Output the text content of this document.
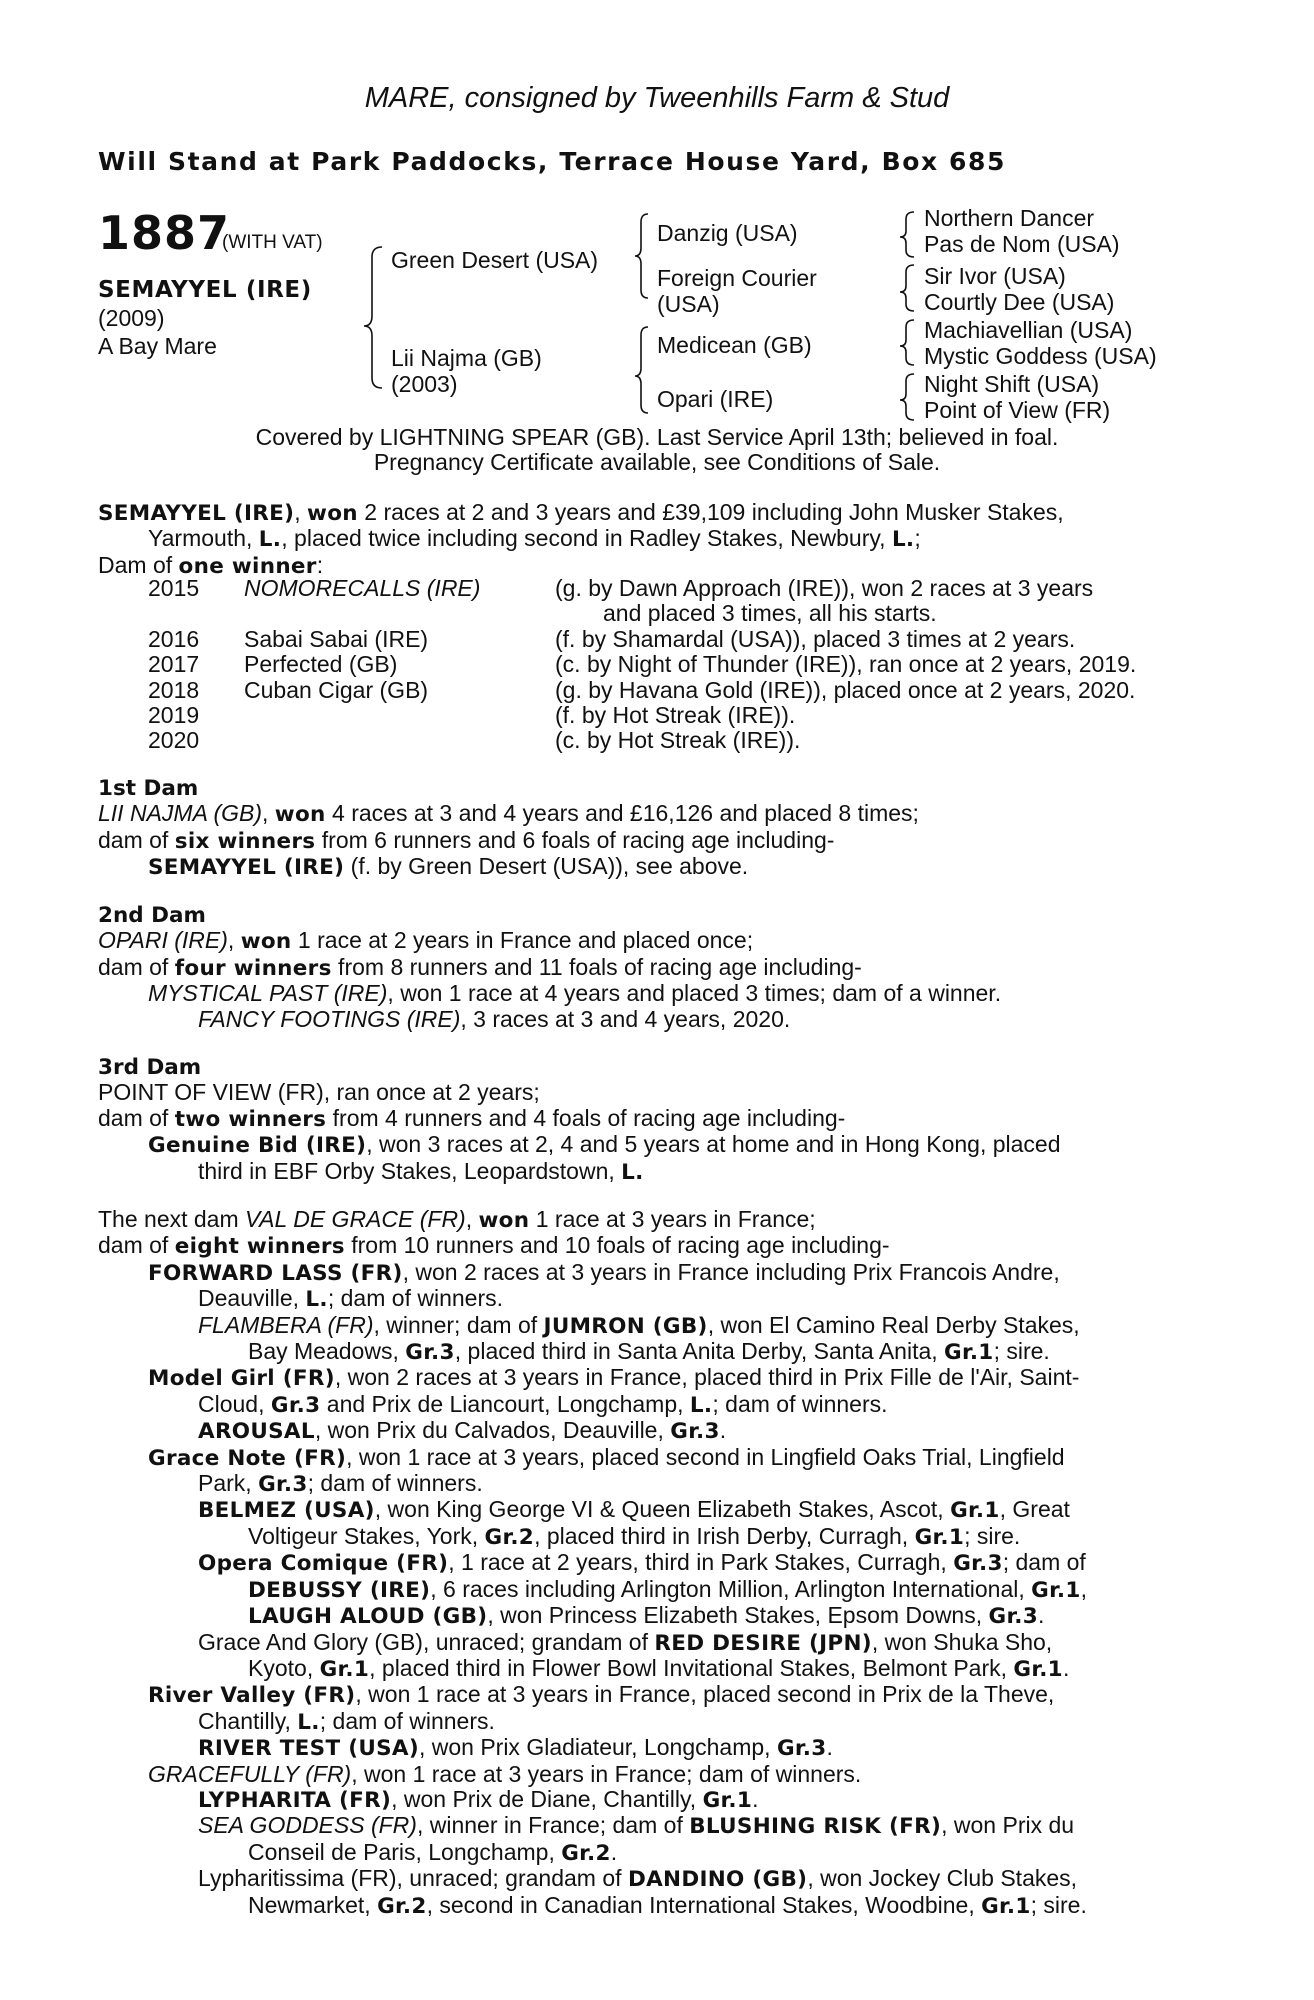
MARE, consigned by Tweenhills Farm & Stud
Will Stand at Park Paddocks, Terrace House Yard, Box 685
1887
(WITH VAT)
SEMAYYEL (IRE)
(2009)
A Bay Mare
Green Desert (USA)
Lii Najma (GB)
(2003)
Danzig (USA)
Foreign Courier
(USA)
Medicean (GB)
Opari (IRE)
Northern Dancer
Pas de Nom (USA)
Sir Ivor (USA)
Courtly Dee (USA)
Machiavellian (USA)
Mystic Goddess (USA)
Night Shift (USA)
Point of View (FR)
Covered by LIGHTNING SPEAR (GB). Last Service April 13th; believed in foal.
Pregnancy Certificate available, see Conditions of Sale.
SEMAYYEL (IRE), won 2 races at 2 and 3 years and £39,109 including John Musker Stakes,
Yarmouth, L., placed twice including second in Radley Stakes, Newbury, L.;
Dam of one winner:
2015	NOMORECALLS (IRE)	(g. by Dawn Approach (IRE)), won 2 races at 3 years
and placed 3 times, all his starts.

2016	Sabai Sabai (IRE)	(f. by Shamardal (USA)), placed 3 times at 2 years.

2017	Perfected (GB)	(c. by Night of Thunder (IRE)), ran once at 2 years, 2019.

2018	Cuban Cigar (GB)	(g. by Havana Gold (IRE)), placed once at 2 years, 2020.

2019		(f. by Hot Streak (IRE)).

2020		(c. by Hot Streak (IRE)).
1st Dam
LII NAJMA (GB), won 4 races at 3 and 4 years and £16,126 and placed 8 times;
dam of six winners from 6 runners and 6 foals of racing age including-
SEMAYYEL (IRE) (f. by Green Desert (USA)), see above.
2nd Dam
OPARI (IRE), won 1 race at 2 years in France and placed once;
dam of four winners from 8 runners and 11 foals of racing age including-
MYSTICAL PAST (IRE), won 1 race at 4 years and placed 3 times; dam of a winner.
FANCY FOOTINGS (IRE), 3 races at 3 and 4 years, 2020.
3rd Dam
POINT OF VIEW (FR), ran once at 2 years;
dam of two winners from 4 runners and 4 foals of racing age including-
Genuine Bid (IRE), won 3 races at 2, 4 and 5 years at home and in Hong Kong, placed
third in EBF Orby Stakes, Leopardstown, L.
The next dam VAL DE GRACE (FR), won 1 race at 3 years in France;
dam of eight winners from 10 runners and 10 foals of racing age including-
FORWARD LASS (FR), won 2 races at 3 years in France including Prix Francois Andre,
Deauville, L.; dam of winners.
FLAMBERA (FR), winner; dam of JUMRON (GB), won El Camino Real Derby Stakes,
Bay Meadows, Gr.3, placed third in Santa Anita Derby, Santa Anita, Gr.1; sire.
Model Girl (FR), won 2 races at 3 years in France, placed third in Prix Fille de l'Air, Saint-
Cloud, Gr.3 and Prix de Liancourt, Longchamp, L.; dam of winners.
AROUSAL, won Prix du Calvados, Deauville, Gr.3.
Grace Note (FR), won 1 race at 3 years, placed second in Lingfield Oaks Trial, Lingfield
Park, Gr.3; dam of winners.
BELMEZ (USA), won King George VI & Queen Elizabeth Stakes, Ascot, Gr.1, Great
Voltigeur Stakes, York, Gr.2, placed third in Irish Derby, Curragh, Gr.1; sire.
Opera Comique (FR), 1 race at 2 years, third in Park Stakes, Curragh, Gr.3; dam of
DEBUSSY (IRE), 6 races including Arlington Million, Arlington International, Gr.1,
LAUGH ALOUD (GB), won Princess Elizabeth Stakes, Epsom Downs, Gr.3.
Grace And Glory (GB), unraced; grandam of RED DESIRE (JPN), won Shuka Sho,
Kyoto, Gr.1, placed third in Flower Bowl Invitational Stakes, Belmont Park, Gr.1.
River Valley (FR), won 1 race at 3 years in France, placed second in Prix de la Theve,
Chantilly, L.; dam of winners.
RIVER TEST (USA), won Prix Gladiateur, Longchamp, Gr.3.
GRACEFULLY (FR), won 1 race at 3 years in France; dam of winners.
LYPHARITA (FR), won Prix de Diane, Chantilly, Gr.1.
SEA GODDESS (FR), winner in France; dam of BLUSHING RISK (FR), won Prix du
Conseil de Paris, Longchamp, Gr.2.
Lypharitissima (FR), unraced; grandam of DANDINO (GB), won Jockey Club Stakes,
Newmarket, Gr.2, second in Canadian International Stakes, Woodbine, Gr.1; sire.
